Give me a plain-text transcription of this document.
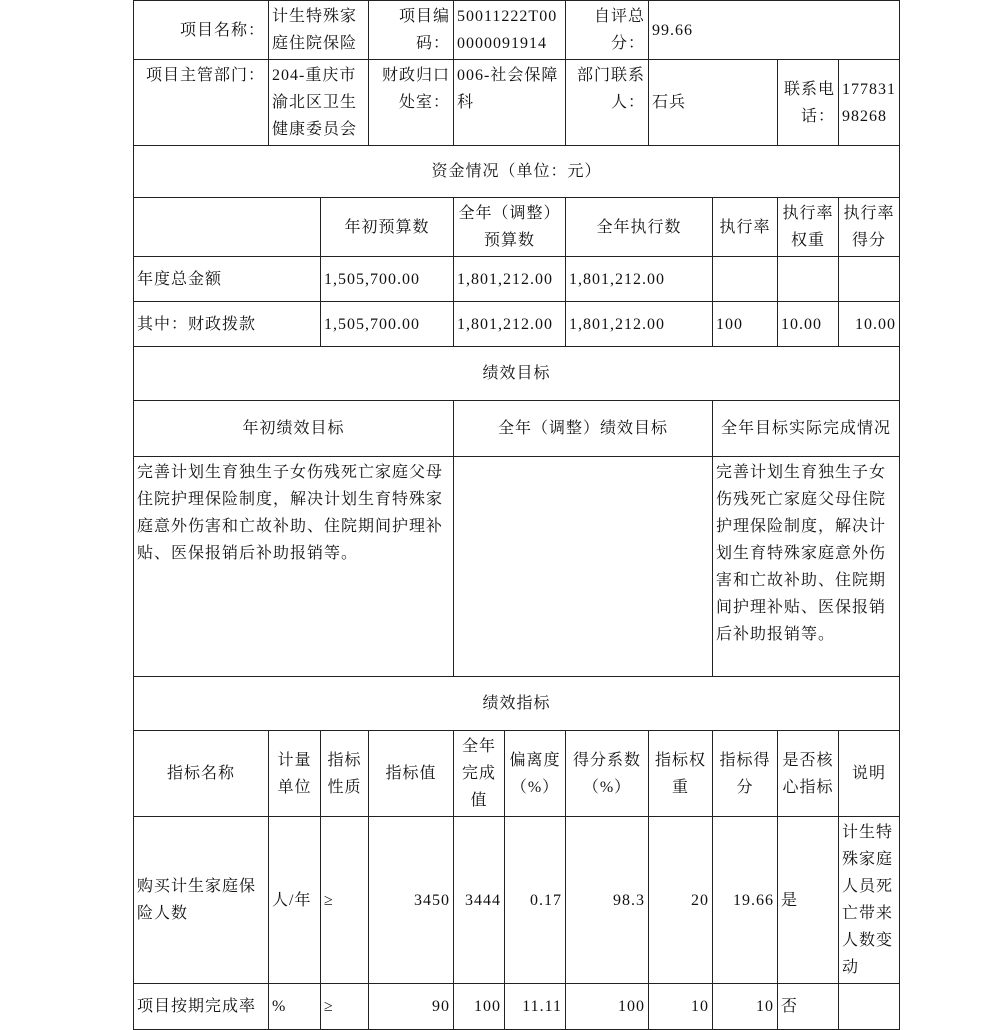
项目名称：	计生特殊家庭住院保险		项目编码：	50011222T000000091914		自评总分：	99.66			
项目主管部门：	204-重庆市渝北区卫生健康委员会		财政归口处室：	006-社会保障科		部门联系人：	石兵		联系电话：	17783198268
资金情况（单位：元）										
		年初预算数		全年（调整）预算数		全年执行数		执行率	执行率权重	执行率得分
年度总金额		1,505,700.00		1,801,212.00		1,801,212.00				
其中：财政拨款		1,505,700.00		1,801,212.00		1,801,212.00		100	10.00	10.00
绩效目标										
年初绩效目标				全年（调整）绩效目标				全年目标实际完成情况		
完善计划生育独生子女伤残死亡家庭父母住院护理保险制度，解决计划生育特殊家庭意外伤害和亡故补助、住院期间护理补贴、医保报销后补助报销等。								完善计划生育独生子女伤残死亡家庭父母住院护理保险制度，解决计划生育特殊家庭意外伤害和亡故补助、住院期间护理补贴、医保报销后补助报销等。		
绩效指标										
指标名称	计量单位	指标性质	指标值	全年完成值	偏离度（%）	得分系数（%）	指标权重	指标得分	是否核心指标	说明
购买计生家庭保险人数	人/年	≥	3450	3444	0.17	98.3	20	19.66	是	计生特殊家庭人员死亡带来人数变动
项目按期完成率	%	≥	90	100	11.11	100	10	10	否	
